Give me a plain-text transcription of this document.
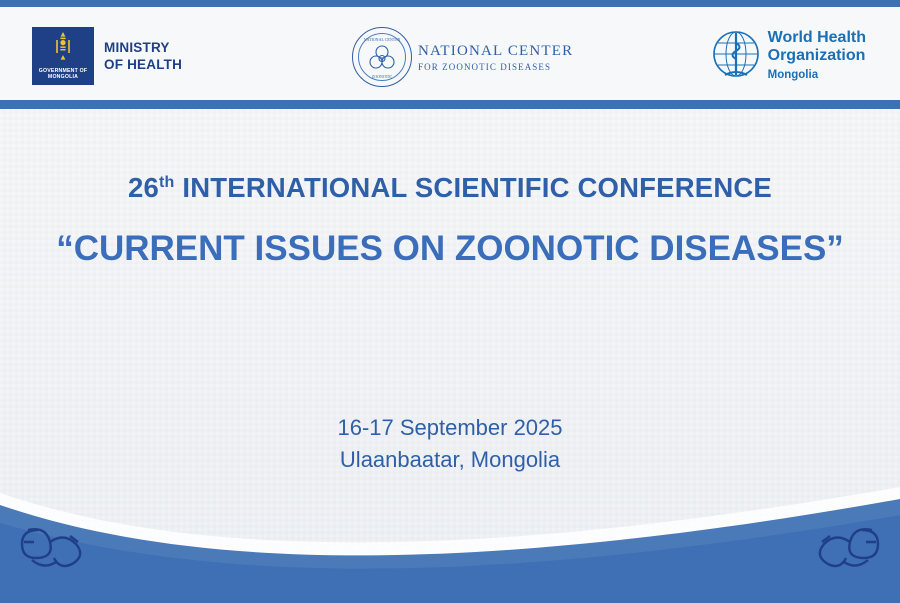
GOVERNMENT OF
MONGOLIA
MINISTRY
OF HEALTH
NATIONAL CENTER
ZOONOTIC
NATIONAL CENTER
FOR ZOONOTIC DISEASES
World Health
Organization
Mongolia
26th INTERNATIONAL SCIENTIFIC CONFERENCE
“CURRENT ISSUES ON ZOONOTIC DISEASES”
16-17 September 2025
Ulaanbaatar, Mongolia
